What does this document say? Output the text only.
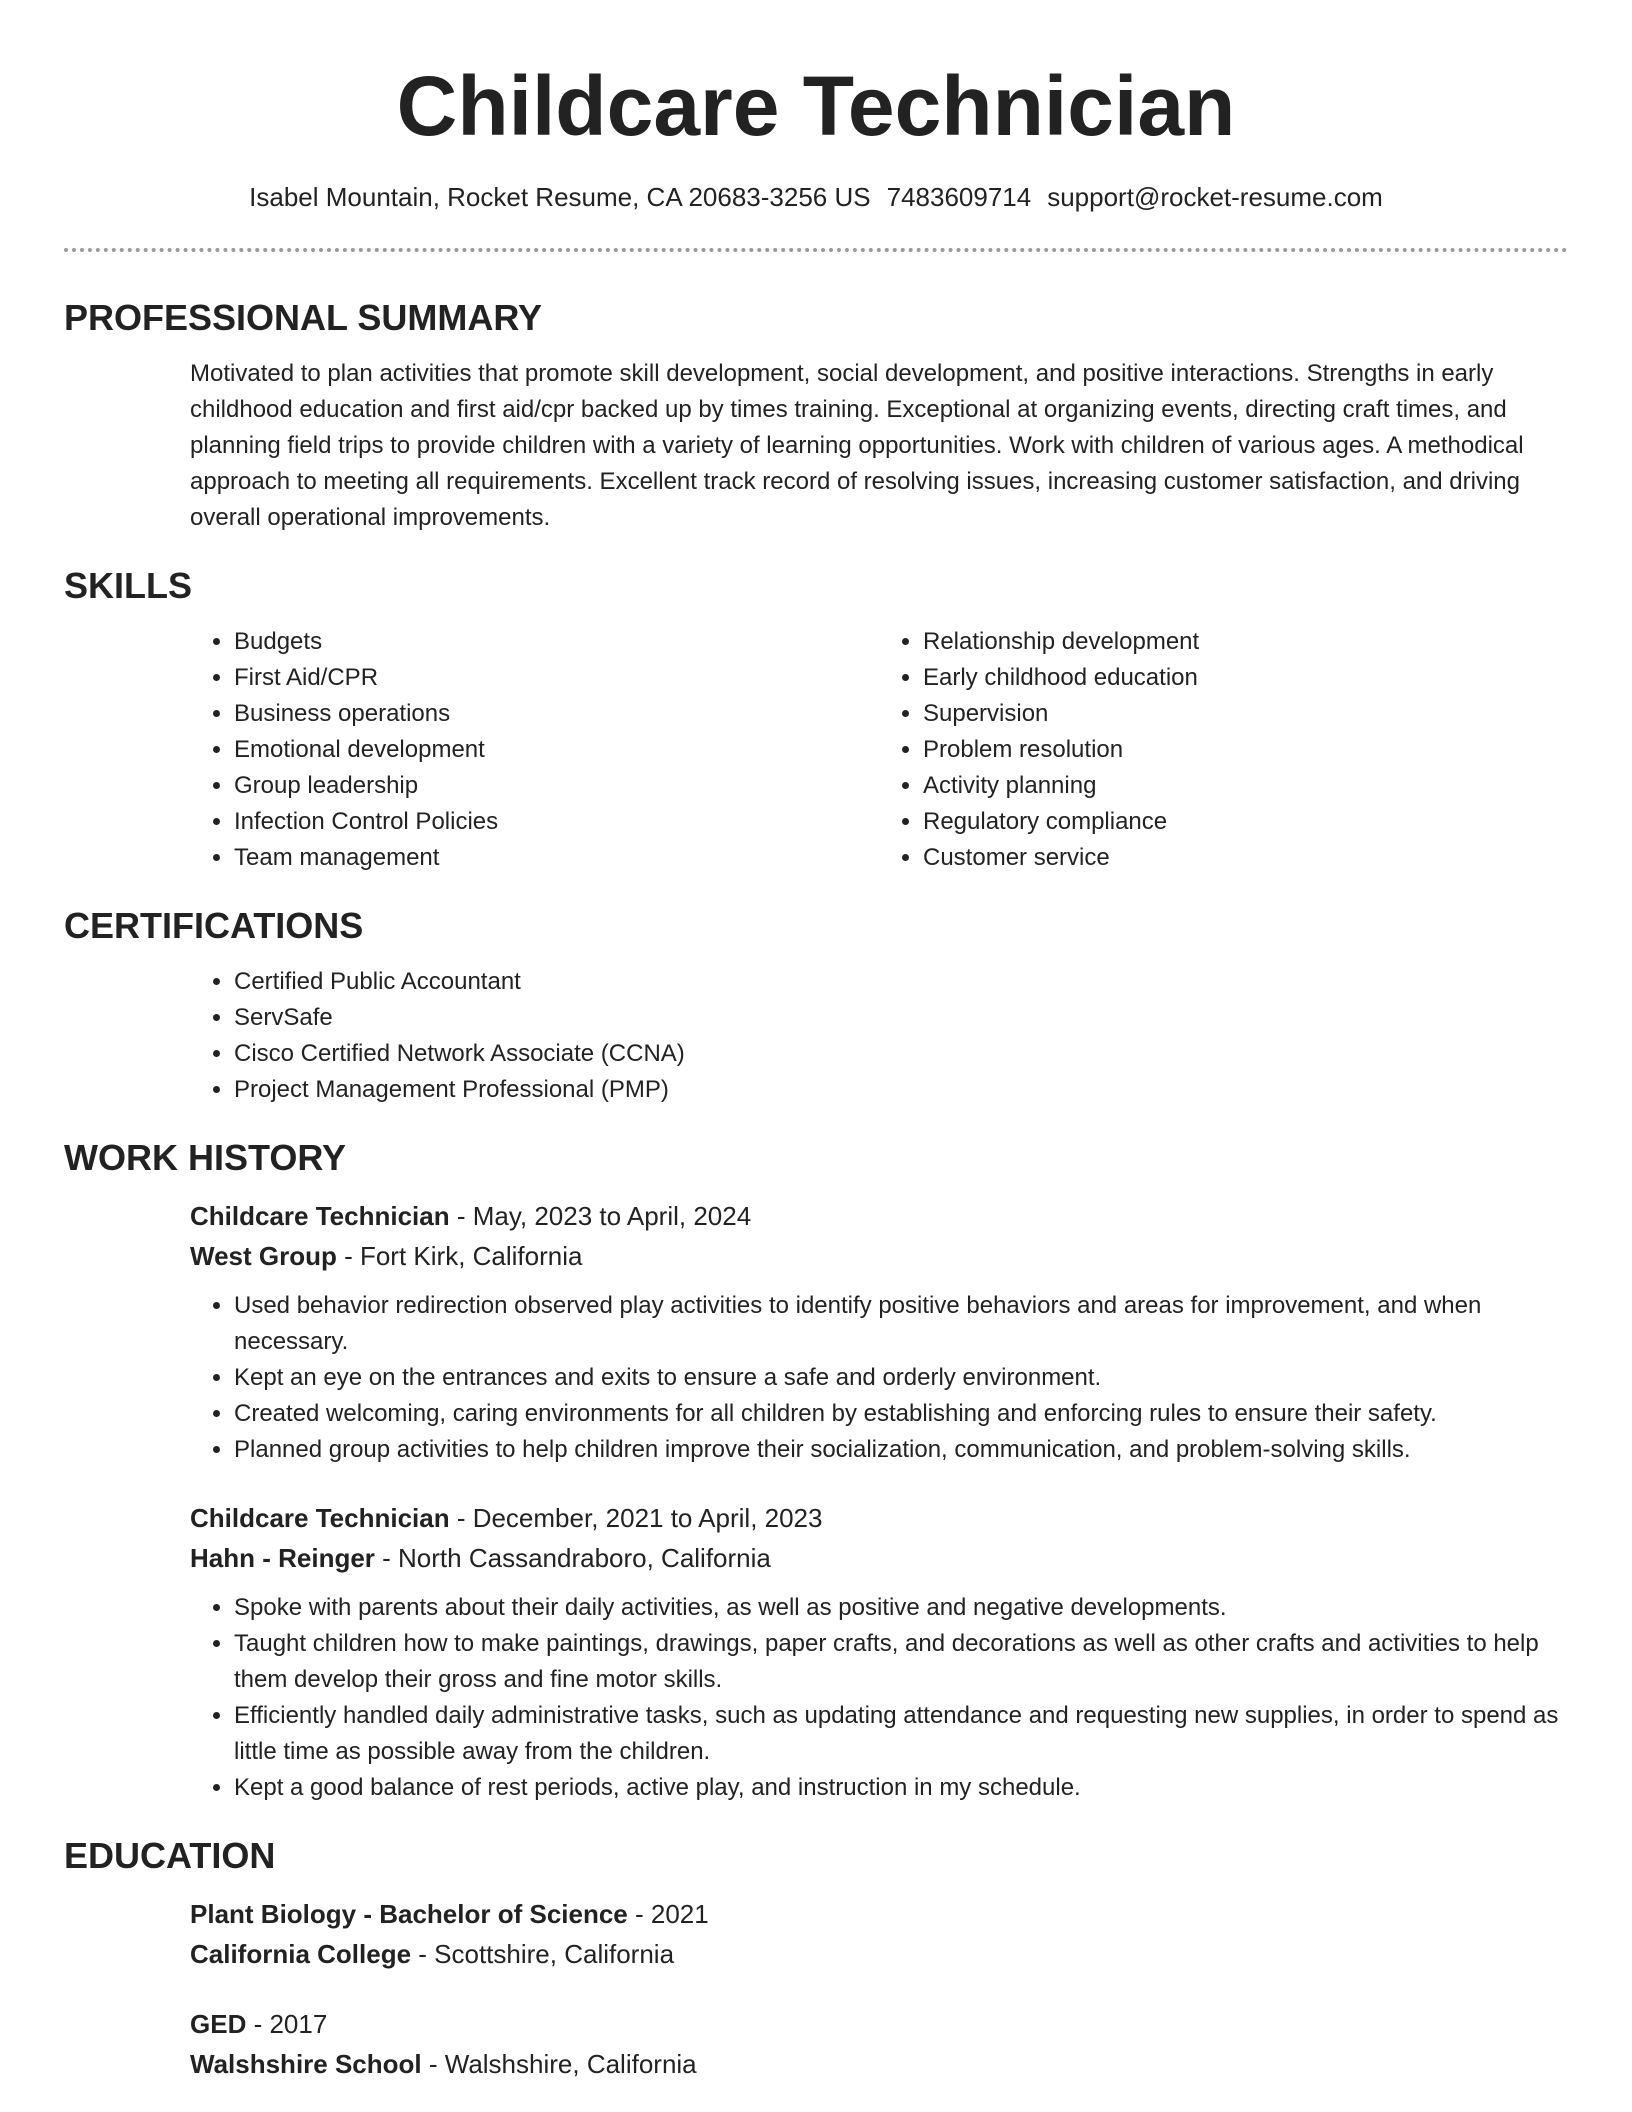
Childcare Technician
Isabel Mountain, Rocket Resume, CA 20683-3256 US 7483609714 support@rocket-resume.com
PROFESSIONAL SUMMARY

Motivated to plan activities that promote skill development, social development, and positive interactions. Strengths in early childhood education and first aid/cpr backed up by times training. Exceptional at organizing events, directing craft times, and planning field trips to provide children with a variety of learning opportunities. Work with children of various ages. A methodical approach to meeting all requirements. Excellent track record of resolving issues, increasing customer satisfaction, and driving overall operational improvements.

SKILLS
• Budgets
• First Aid/CPR
• Business operations
• Emotional development
• Group leadership
• Infection Control Policies
• Team management
• Relationship development
• Early childhood education
• Supervision
• Problem resolution
• Activity planning
• Regulatory compliance
• Customer service
CERTIFICATIONS
• Certified Public Accountant
• ServSafe
• Cisco Certified Network Associate (CCNA)
• Project Management Professional (PMP)
WORK HISTORY
Childcare Technician - May, 2023 to April, 2024
West Group - Fort Kirk, California
• Used behavior redirection observed play activities to identify positive behaviors and areas for improvement, and when necessary.
• Kept an eye on the entrances and exits to ensure a safe and orderly environment.
• Created welcoming, caring environments for all children by establishing and enforcing rules to ensure their safety.
• Planned group activities to help children improve their socialization, communication, and problem-solving skills.
Childcare Technician - December, 2021 to April, 2023
Hahn - Reinger - North Cassandraboro, California
• Spoke with parents about their daily activities, as well as positive and negative developments.
• Taught children how to make paintings, drawings, paper crafts, and decorations as well as other crafts and activities to help them develop their gross and fine motor skills.
• Efficiently handled daily administrative tasks, such as updating attendance and requesting new supplies, in order to spend as little time as possible away from the children.
• Kept a good balance of rest periods, active play, and instruction in my schedule.
EDUCATION
Plant Biology - Bachelor of Science - 2021
California College - Scottshire, California
GED - 2017
Walshshire School - Walshshire, California
